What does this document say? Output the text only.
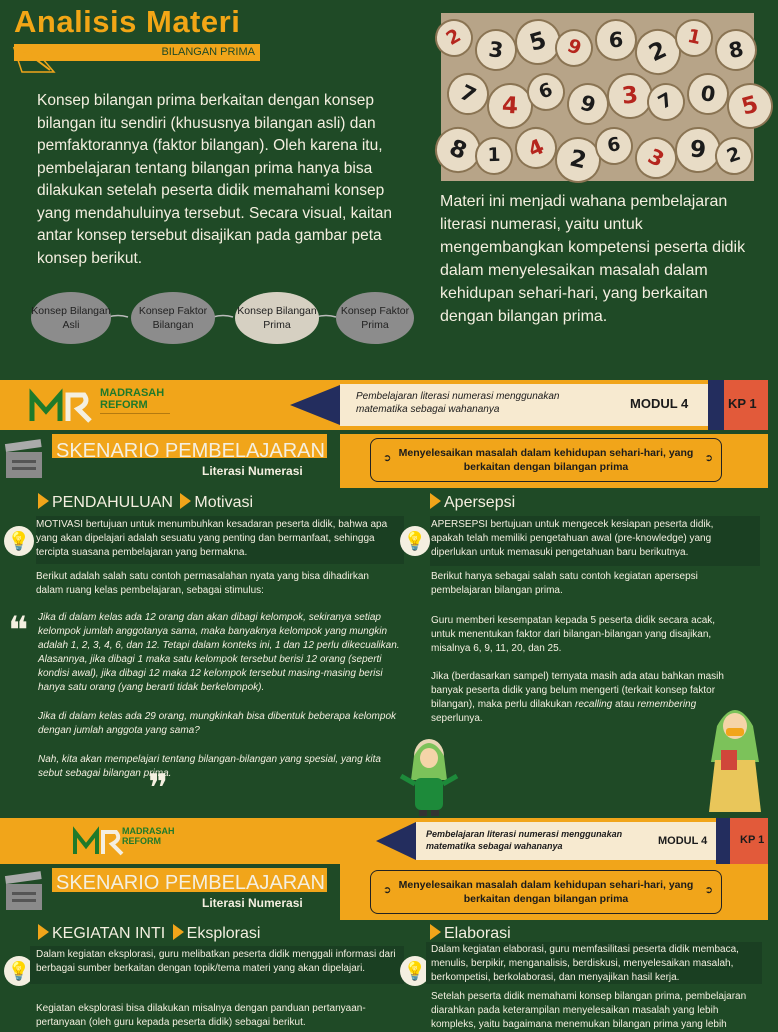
Analisis Materi
BILANGAN PRIMA
Konsep bilangan prima berkaitan dengan konsep bilangan itu sendiri (khususnya bilangan asli) dan pemfaktorannya (faktor bilangan). Oleh karena itu, pembelajaran tentang bilangan prima hanya bisa dilakukan setelah peserta didik memahami konsep yang mendahuluinya tersebut. Secara visual, kaitan antar konsep tersebut disajikan pada gambar peta konsep berikut.
Konsep Bilangan Asli
Konsep Faktor Bilangan
Konsep Bilangan Prima
Konsep Faktor Prima
2	3 5 9	6 2 1	8
7 4
6	9 3 7	0 5
8 1	4 2
6	3 9 2
Materi ini menjadi wahana pembelajaran literasi numerasi, yaitu untuk mengembangkan kompetensi peserta didik dalam menyelesaikan masalah dalam kehidupan sehari-hari, yang berkaitan dengan bilangan prima.
MADRASAH
REFORM
Pembelajaran literasi numerasi menggunakan matematika sebagai wahananya	MODUL 4	KP 1
SKENARIO PEMBELAJARAN
Literasi Numerasi
➲ Menyelesaikan masalah dalam kehidupan sehari-hari, yang berkaitan dengan bilangan prima
➲
PENDAHULUAN Motivasi
💡
MOTIVASI bertujuan untuk menumbuhkan kesadaran peserta didik, bahwa apa yang akan dipelajari adalah sesuatu yang penting dan bermanfaat, sehingga tercipta suasana pembelajaran yang bermakna.
Berikut adalah salah satu contoh permasalahan nyata yang bisa dihadirkan dalam ruang kelas pembelajaran, sebagai stimulus:
❝ Jika di dalam kelas ada 12 orang dan akan dibagi kelompok, sekiranya setiap kelompok jumlah anggotanya sama, maka banyaknya kelompok yang mungkin adalah 1, 2, 3, 4, 6, dan 12. Tetapi dalam konteks ini, 1 dan 12 perlu dikecualikan. Alasannya, jika dibagi 1 maka satu kelompok tersebut berisi 12 orang (seperti kondisi awal), jika dibagi 12 maka 12 kelompok tersebut masing-masing berisi hanya satu orang (yang berarti tidak berkelompok).
Jika di dalam kelas ada 29 orang, mungkinkah bisa dibentuk beberapa kelompok dengan jumlah anggota yang sama?
Nah, kita akan mempelajari tentang bilangan-bilangan yang spesial, yang kita sebut sebagai bilangan prima.
❞
Apersepsi
💡
APERSEPSI bertujuan untuk mengecek kesiapan peserta didik, apakah telah memiliki pengetahuan awal (pre-knowledge) yang diperlukan untuk memasuki pengetahuan baru berikutnya.
Berikut hanya sebagai salah satu contoh kegiatan apersepsi pembelajaran bilangan prima.
Guru memberi kesempatan kepada 5 peserta didik secara acak, untuk menentukan faktor dari bilangan-bilangan yang disajikan, misalnya 6, 9, 11, 20, dan 25.
Jika (berdasarkan sampel) ternyata masih ada atau bahkan masih banyak peserta didik yang belum mengerti (terkait konsep faktor bilangan), maka perlu dilakukan recalling atau remembering seperlunya.
MADRASAH
REFORM
Pembelajaran literasi numerasi menggunakan matematika sebagai wahananya	MODUL 4	KP 1
SKENARIO PEMBELAJARAN
Literasi Numerasi
➲ Menyelesaikan masalah dalam kehidupan sehari-hari, yang berkaitan dengan bilangan prima
➲
KEGIATAN INTI Eksplorasi
💡
Dalam kegiatan eksplorasi, guru melibatkan peserta didik menggali informasi dari berbagai sumber berkaitan dengan topik/tema materi yang akan dipelajari.
Kegiatan eksplorasi bisa dilakukan misalnya dengan panduan pertanyaan-pertanyaan (oleh guru kepada peserta didik) sebagai berikut.
Elaborasi
💡
Dalam kegiatan elaborasi, guru memfasilitasi peserta didik membaca, menulis, berpikir, menganalisis, berdiskusi, menyelesaikan masalah, berkompetisi, berkolaborasi, dan menyajikan hasil kerja.
Setelah peserta didik memahami konsep bilangan prima, pembelajaran diarahkan pada keterampilan menyelesaikan masalah yang lebih kompleks, yaitu bagaimana menemukan bilangan prima yang lebih
